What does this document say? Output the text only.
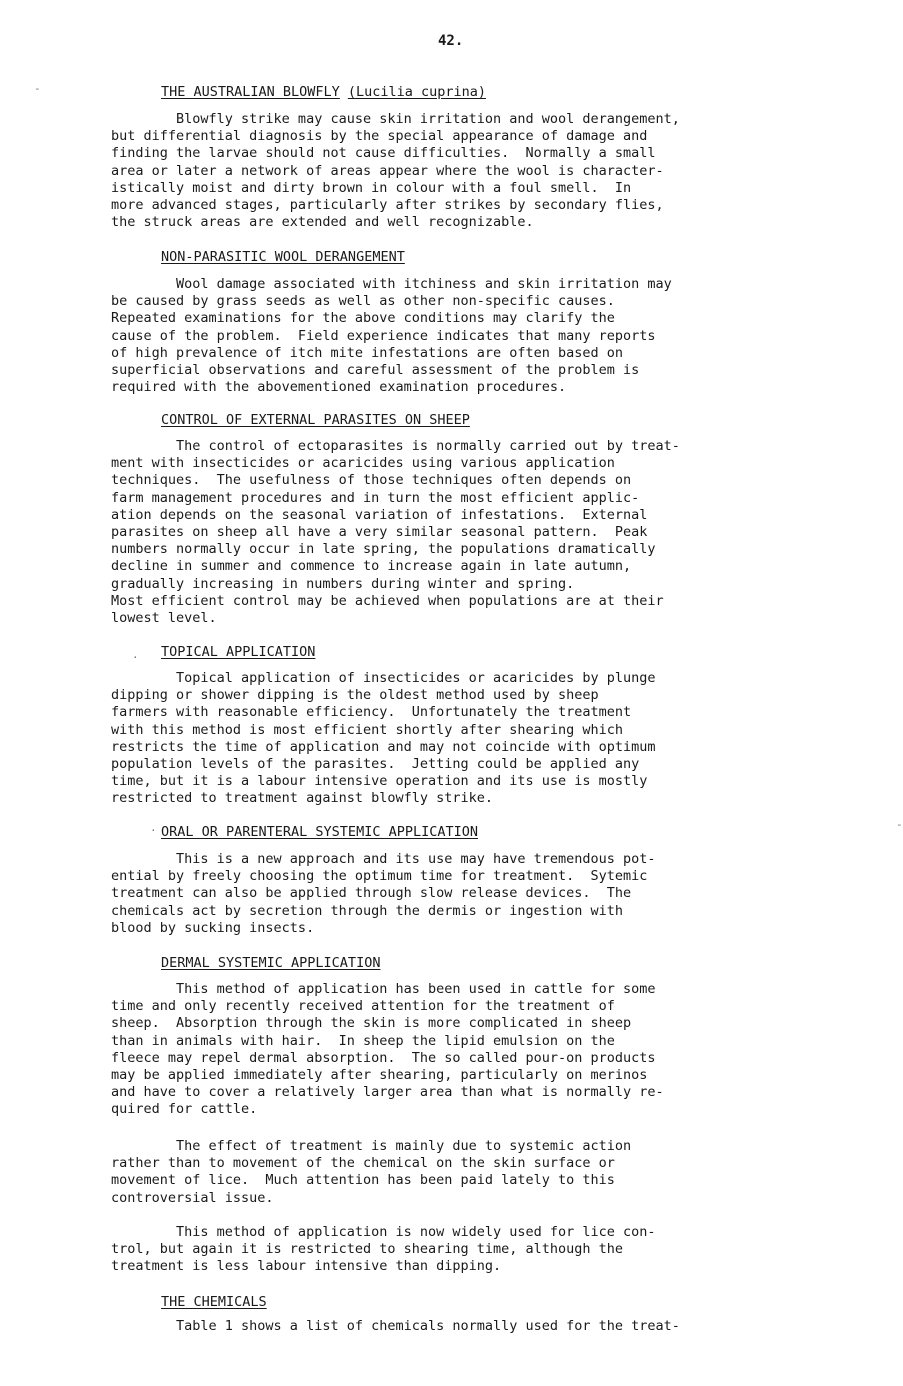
42.
THE AUSTRALIAN BLOWFLY (Lucilia cuprina)
Blowfly strike may cause skin irritation and wool derangement,
but differential diagnosis by the special appearance of damage and
finding the larvae should not cause difficulties.  Normally a small
area or later a network of areas appear where the wool is character-
istically moist and dirty brown in colour with a foul smell.  In
more advanced stages, particularly after strikes by secondary flies,
the struck areas are extended and well recognizable.
NON-PARASITIC WOOL DERANGEMENT
Wool damage associated with itchiness and skin irritation may
be caused by grass seeds as well as other non-specific causes.
Repeated examinations for the above conditions may clarify the
cause of the problem.  Field experience indicates that many reports
of high prevalence of itch mite infestations are often based on
superficial observations and careful assessment of the problem is
required with the abovementioned examination procedures.
CONTROL OF EXTERNAL PARASITES ON SHEEP
The control of ectoparasites is normally carried out by treat-
ment with insecticides or acaricides using various application
techniques.  The usefulness of those techniques often depends on
farm management procedures and in turn the most efficient applic-
ation depends on the seasonal variation of infestations.  External
parasites on sheep all have a very similar seasonal pattern.  Peak
numbers normally occur in late spring, the populations dramatically
decline in summer and commence to increase again in late autumn,
gradually increasing in numbers during winter and spring.
Most efficient control may be achieved when populations are at their
lowest level.
TOPICAL APPLICATION
Topical application of insecticides or acaricides by plunge
dipping or shower dipping is the oldest method used by sheep
farmers with reasonable efficiency.  Unfortunately the treatment
with this method is most efficient shortly after shearing which
restricts the time of application and may not coincide with optimum
population levels of the parasites.  Jetting could be applied any
time, but it is a labour intensive operation and its use is mostly
restricted to treatment against blowfly strike.
ORAL OR PARENTERAL SYSTEMIC APPLICATION
This is a new approach and its use may have tremendous pot-
ential by freely choosing the optimum time for treatment.  Sytemic
treatment can also be applied through slow release devices.  The
chemicals act by secretion through the dermis or ingestion with
blood by sucking insects.
DERMAL SYSTEMIC APPLICATION
This method of application has been used in cattle for some
time and only recently received attention for the treatment of
sheep.  Absorption through the skin is more complicated in sheep
than in animals with hair.  In sheep the lipid emulsion on the
fleece may repel dermal absorption.  The so called pour-on products
may be applied immediately after shearing, particularly on merinos
and have to cover a relatively larger area than what is normally re-
quired for cattle.
The effect of treatment is mainly due to systemic action
rather than to movement of the chemical on the skin surface or
movement of lice.  Much attention has been paid lately to this
controversial issue.
This method of application is now widely used for lice con-
trol, but again it is restricted to shearing time, although the
treatment is less labour intensive than dipping.
THE CHEMICALS
Table 1 shows a list of chemicals normally used for the treat-
-
.
·	-
